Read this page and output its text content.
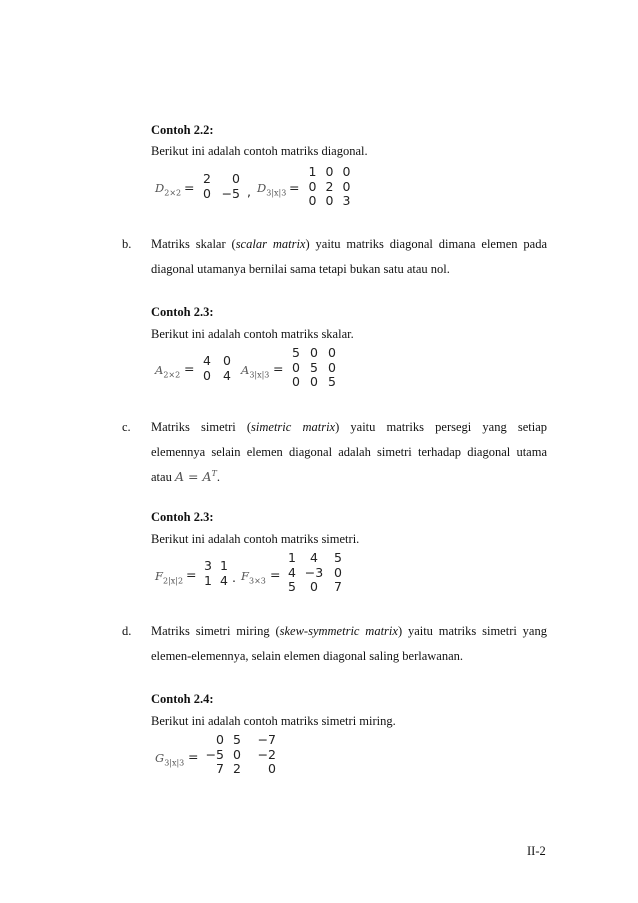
Contoh 2.2:
Berikut ini adalah contoh matriks diagonal.
$D_{2\times 2}$ =
2	0
0	−5 , $D_{3|x|3}$ =
1	0	0
0	2	0
0	0	3
b. Matriks skalar (scalar matrix) yaitu matriks diagonal dimana elemen pada
diagonal utamanya bernilai sama tetapi bukan satu atau nol.
Contoh 2.3:
Berikut ini adalah contoh matriks skalar.
$A_{2\times 2}$ =
4	0
0	4 $A_{3|x|3}$ =
5	0	0
0	5	0
0	0	5
c. Matriks simetri (simetric matrix) yaitu matriks persegi yang setiap
elemennya selain elemen diagonal adalah simetri terhadap diagonal utama
atau $A = A^T$.
Contoh 2.3:
Berikut ini adalah contoh matriks simetri.
$F_{2|x|2}$ =
3	1
1	4 . $F_{3\times 3}$ =
1	4	5
4	−3	0
5	0	7
d. Matriks simetri miring (skew-symmetric matrix) yaitu matriks simetri yang
elemen-elemennya, selain elemen diagonal saling berlawanan.
Contoh 2.4:
Berikut ini adalah contoh matriks simetri miring.
$G_{3|x|3}$ =
0	5	−7
−5	0	−2
7	2	0
II-2
